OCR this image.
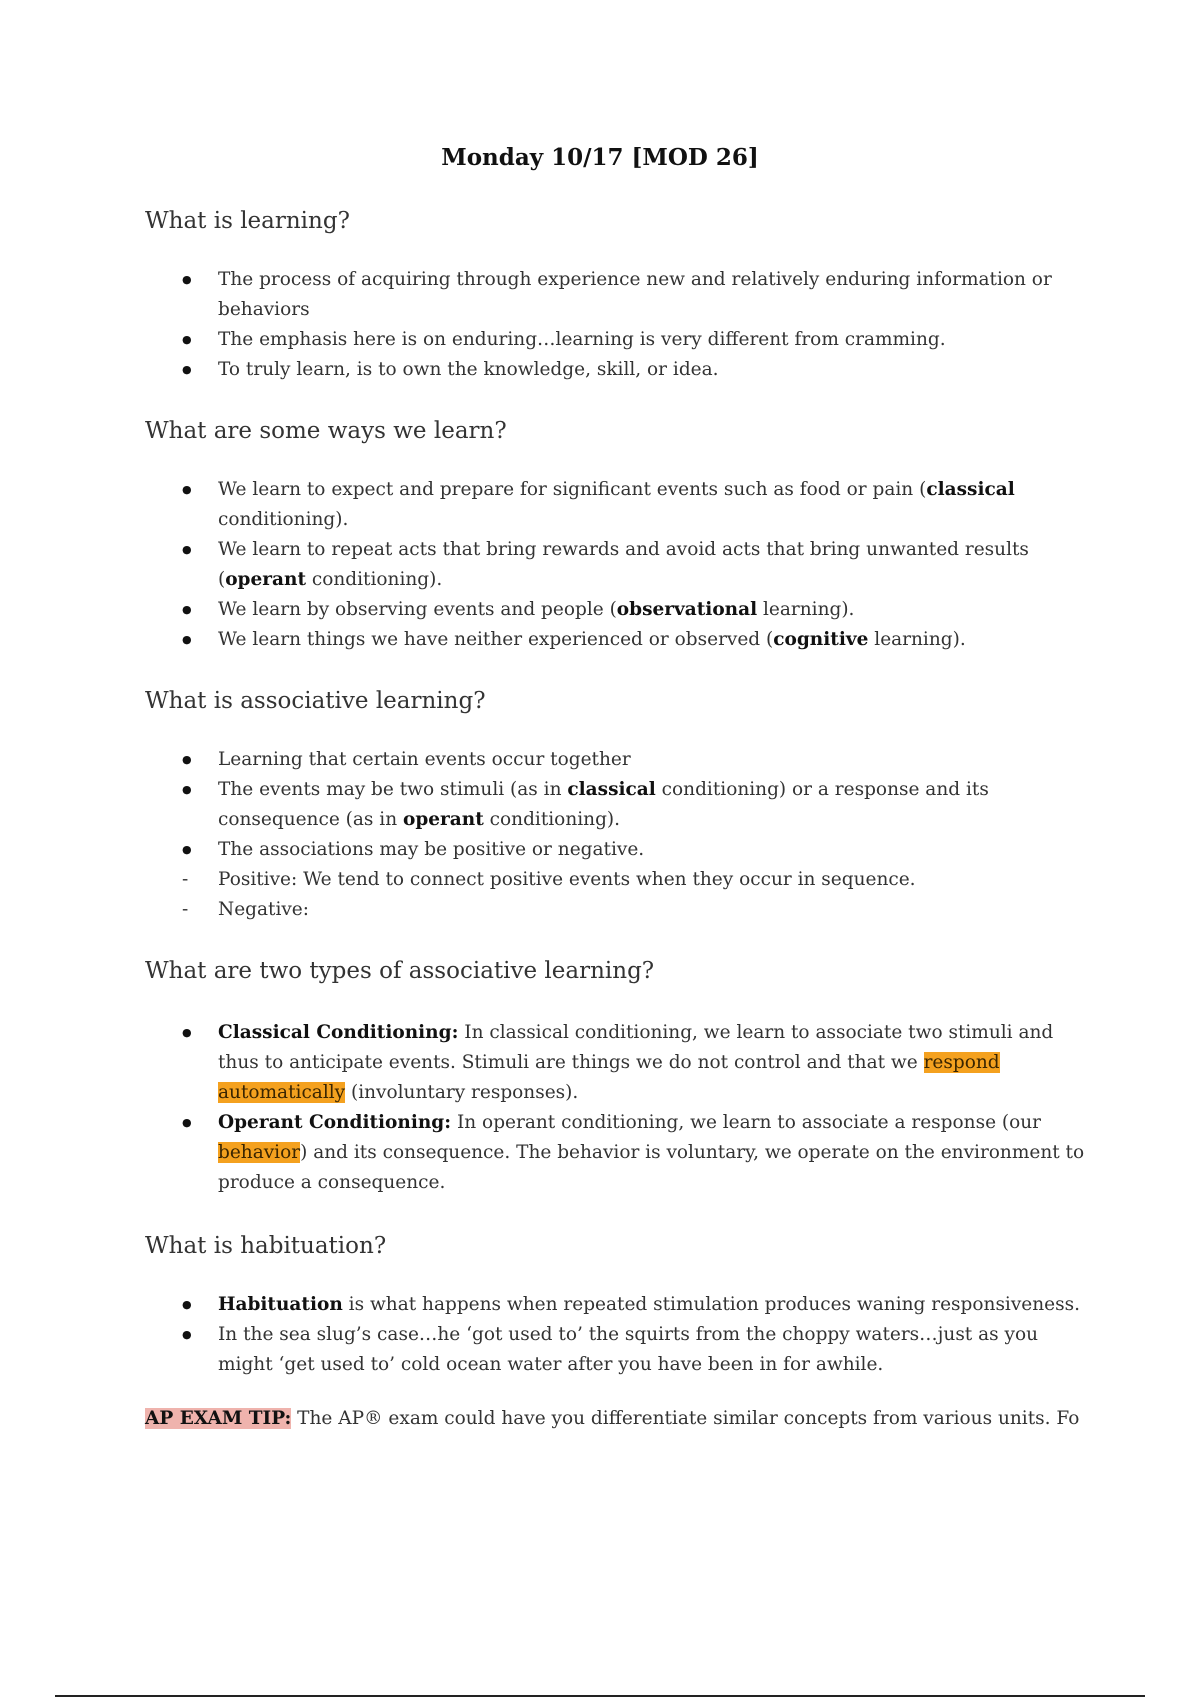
Monday 10/17 [MOD 26]
What is learning?
● The process of acquiring through experience new and relatively enduring information or behaviors
● The emphasis here is on enduring…learning is very different from cramming.
● To truly learn, is to own the knowledge, skill, or idea.
What are some ways we learn?
● We learn to expect and prepare for significant events such as food or pain (classical conditioning).
● We learn to repeat acts that bring rewards and avoid acts that bring unwanted results (operant conditioning).
● We learn by observing events and people (observational learning).
● We learn things we have neither experienced or observed (cognitive learning).
What is associative learning?
● Learning that certain events occur together
● The events may be two stimuli (as in classical conditioning) or a response and its consequence (as in operant conditioning).
● The associations may be positive or negative.
- Positive: We tend to connect positive events when they occur in sequence.
- Negative:
What are two types of associative learning?
● Classical Conditioning: In classical conditioning, we learn to associate two stimuli and thus to anticipate events. Stimuli are things we do not control and that we respond automatically (involuntary responses).
● Operant Conditioning: In operant conditioning, we learn to associate a response (our behavior) and its consequence. The behavior is voluntary, we operate on the environment to produce a consequence.
What is habituation?
● Habituation is what happens when repeated stimulation produces waning responsiveness.
● In the sea slug’s case…he ‘got used to’ the squirts from the choppy waters…just as you might ‘get used to’ cold ocean water after you have been in for awhile.
AP EXAM TIP: The AP® exam could have you differentiate similar concepts from various units. Fo
